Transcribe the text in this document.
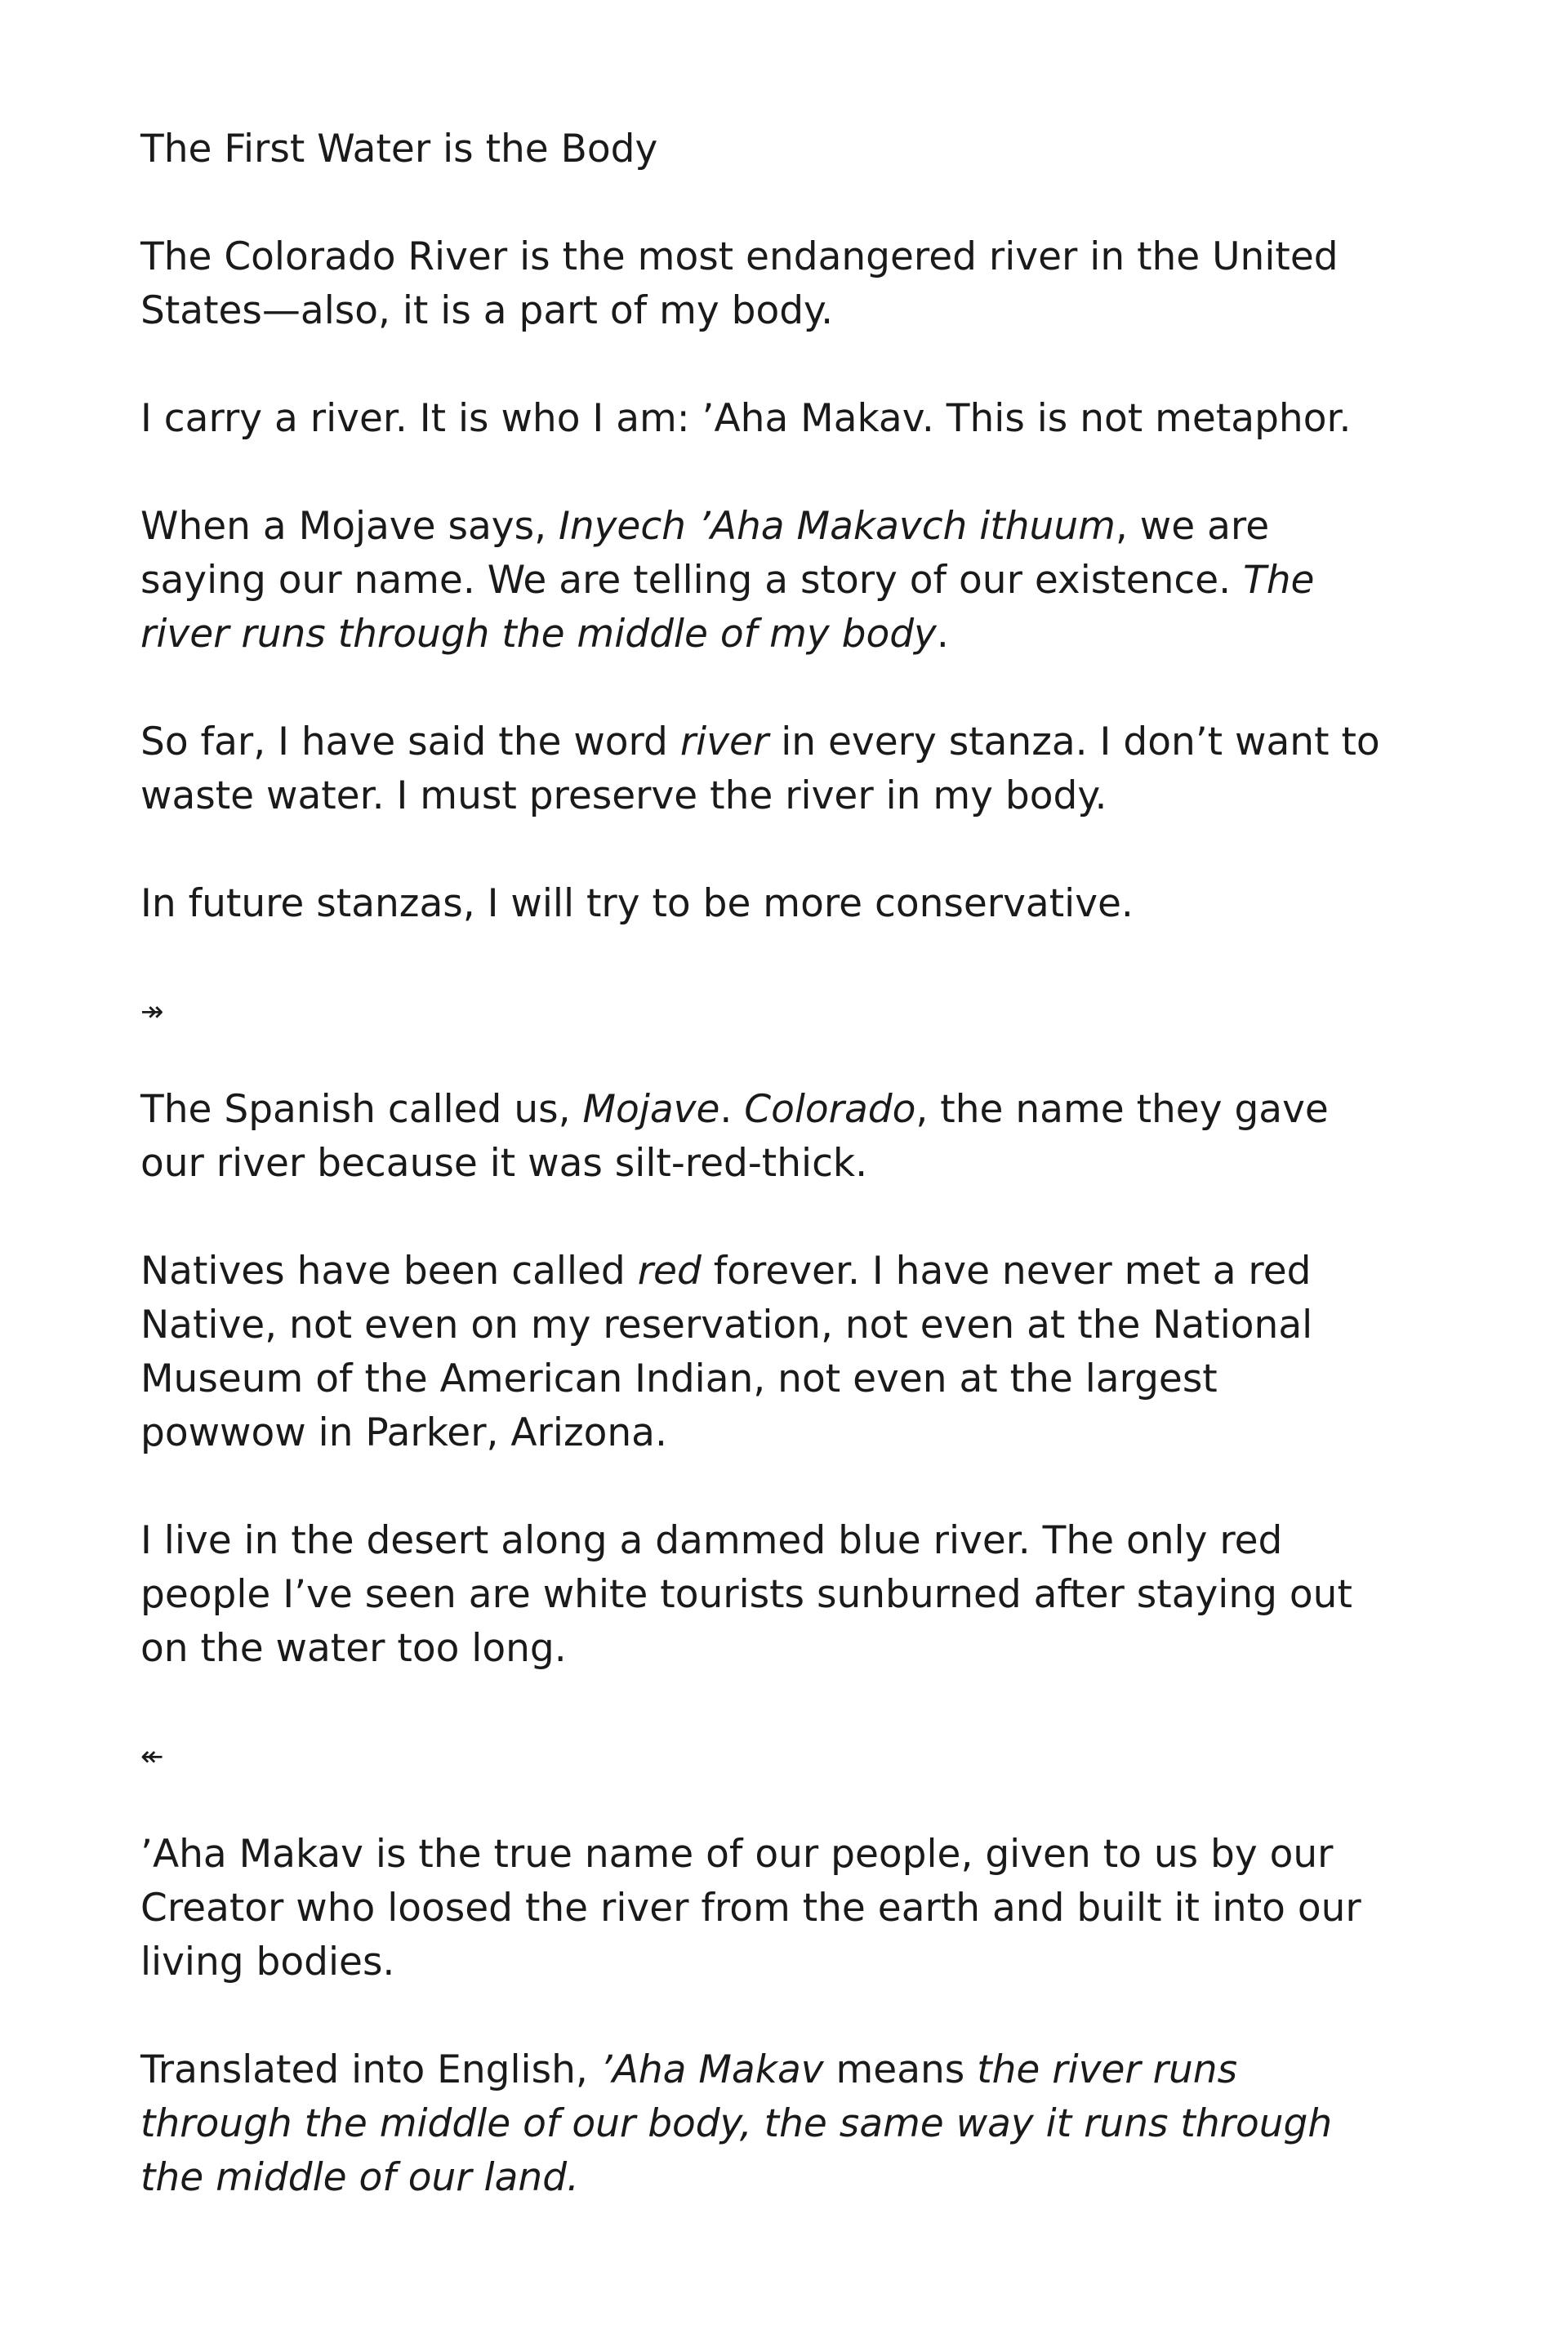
The First Water is the Body
The Colorado River is the most endangered river in the United States—also, it is a part of my body.
I carry a river. It is who I am: ’Aha Makav. This is not metaphor.
When a Mojave says, Inyech ’Aha Makavch ithuum, we are saying our name. We are telling a story of our existence. The river runs through the middle of my body.
So far, I have said the word river in every stanza. I don’t want to waste water. I must preserve the river in my body.
In future stanzas, I will try to be more conservative.
↠
The Spanish called us, Mojave. Colorado, the name they gave our river because it was silt-red-thick.
Natives have been called red forever. I have never met a red Native, not even on my reservation, not even at the National Museum of the American Indian, not even at the largest powwow in Parker, Arizona.
I live in the desert along a dammed blue river. The only red people I’ve seen are white tourists sunburned after staying out on the water too long.
↞
’Aha Makav is the true name of our people, given to us by our Creator who loosed the river from the earth and built it into our living bodies.
Translated into English, ’Aha Makav means the river runs through the middle of our body, the same way it runs through the middle of our land.
